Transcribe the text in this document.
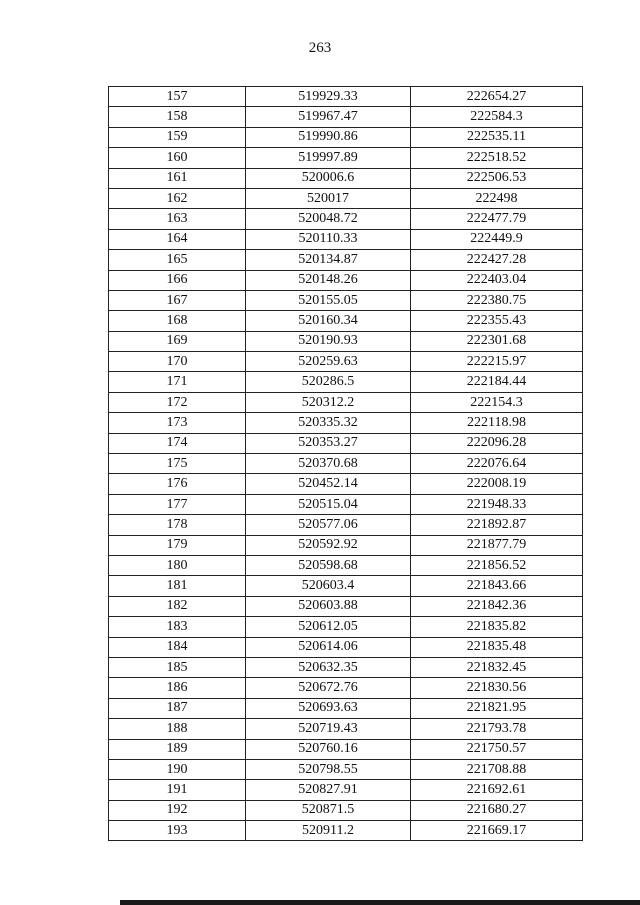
263
157	519929.33	222654.27
158	519967.47	222584.3
159	519990.86	222535.11
160	519997.89	222518.52
161	520006.6	222506.53
162	520017	222498
163	520048.72	222477.79
164	520110.33	222449.9
165	520134.87	222427.28
166	520148.26	222403.04
167	520155.05	222380.75
168	520160.34	222355.43
169	520190.93	222301.68
170	520259.63	222215.97
171	520286.5	222184.44
172	520312.2	222154.3
173	520335.32	222118.98
174	520353.27	222096.28
175	520370.68	222076.64
176	520452.14	222008.19
177	520515.04	221948.33
178	520577.06	221892.87
179	520592.92	221877.79
180	520598.68	221856.52
181	520603.4	221843.66
182	520603.88	221842.36
183	520612.05	221835.82
184	520614.06	221835.48
185	520632.35	221832.45
186	520672.76	221830.56
187	520693.63	221821.95
188	520719.43	221793.78
189	520760.16	221750.57
190	520798.55	221708.88
191	520827.91	221692.61
192	520871.5	221680.27
193	520911.2	221669.17
